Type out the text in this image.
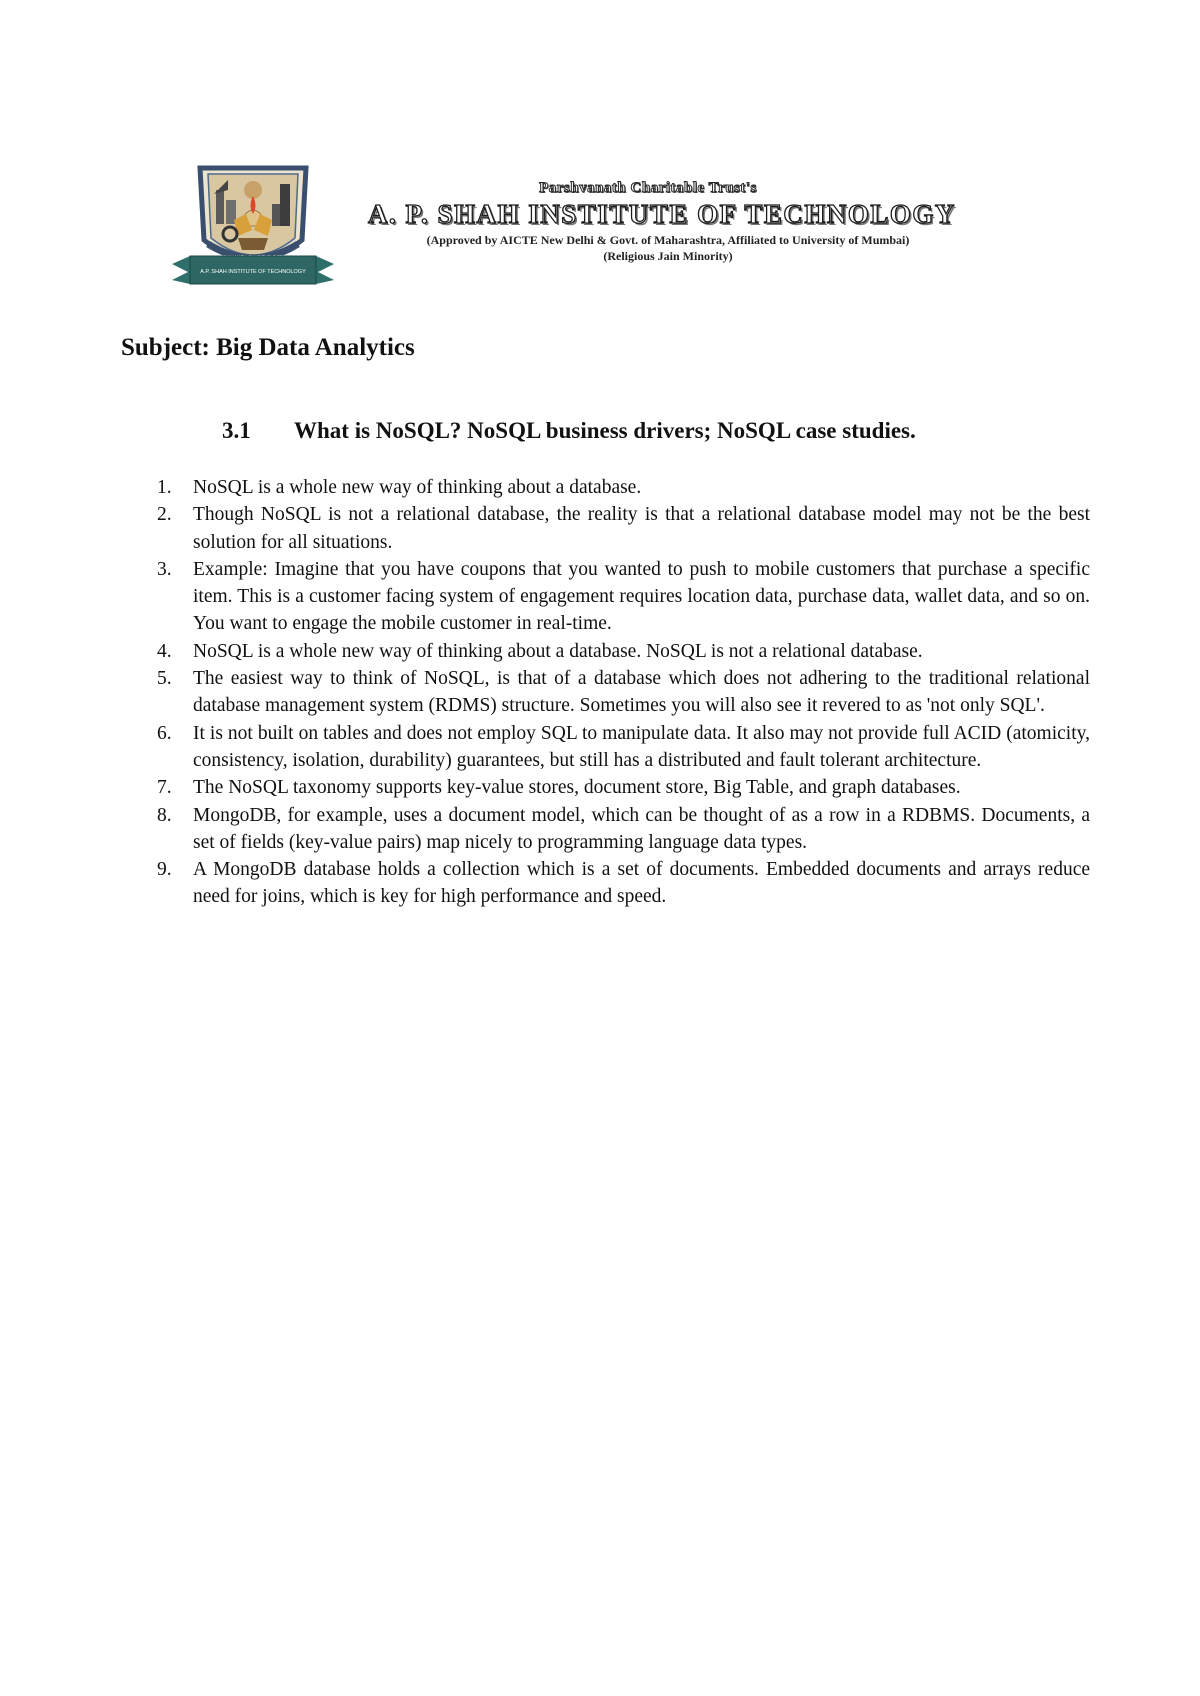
A.P. SHAH INSTITUTE OF TECHNOLOGY
Parshvanath Charitable Trust's
A. P. SHAH INSTITUTE OF TECHNOLOGY
(Approved by AICTE New Delhi & Govt. of Maharashtra, Affiliated to University of Mumbai)
(Religious Jain Minority)
Subject: Big Data Analytics
3.1 What is NoSQL? NoSQL business drivers; NoSQL case studies.
1.	NoSQL is a whole new way of thinking about a database.
2.	Though NoSQL is not a relational database, the reality is that a relational database model may not be the best solution for all situations.
3.	Example: Imagine that you have coupons that you wanted to push to mobile customers that purchase a specific item. This is a customer facing system of engagement requires location data, purchase data, wallet data, and so on. You want to engage the mobile customer in real-time.
4.	NoSQL is a whole new way of thinking about a database. NoSQL is not a relational database.
5.	The easiest way to think of NoSQL, is that of a database which does not adhering to the traditional relational database management system (RDMS) structure. Sometimes you will also see it revered to as 'not only SQL'.
6.	It is not built on tables and does not employ SQL to manipulate data. It also may not provide full ACID (atomicity, consistency, isolation, durability) guarantees, but still has a distributed and fault tolerant architecture.
7.	The NoSQL taxonomy supports key-value stores, document store, Big Table, and graph databases.
8.	MongoDB, for example, uses a document model, which can be thought of as a row in a RDBMS. Documents, a set of fields (key-value pairs) map nicely to programming language data types.
9.	A MongoDB database holds a collection which is a set of documents. Embedded documents and arrays reduce need for joins, which is key for high performance and speed.
